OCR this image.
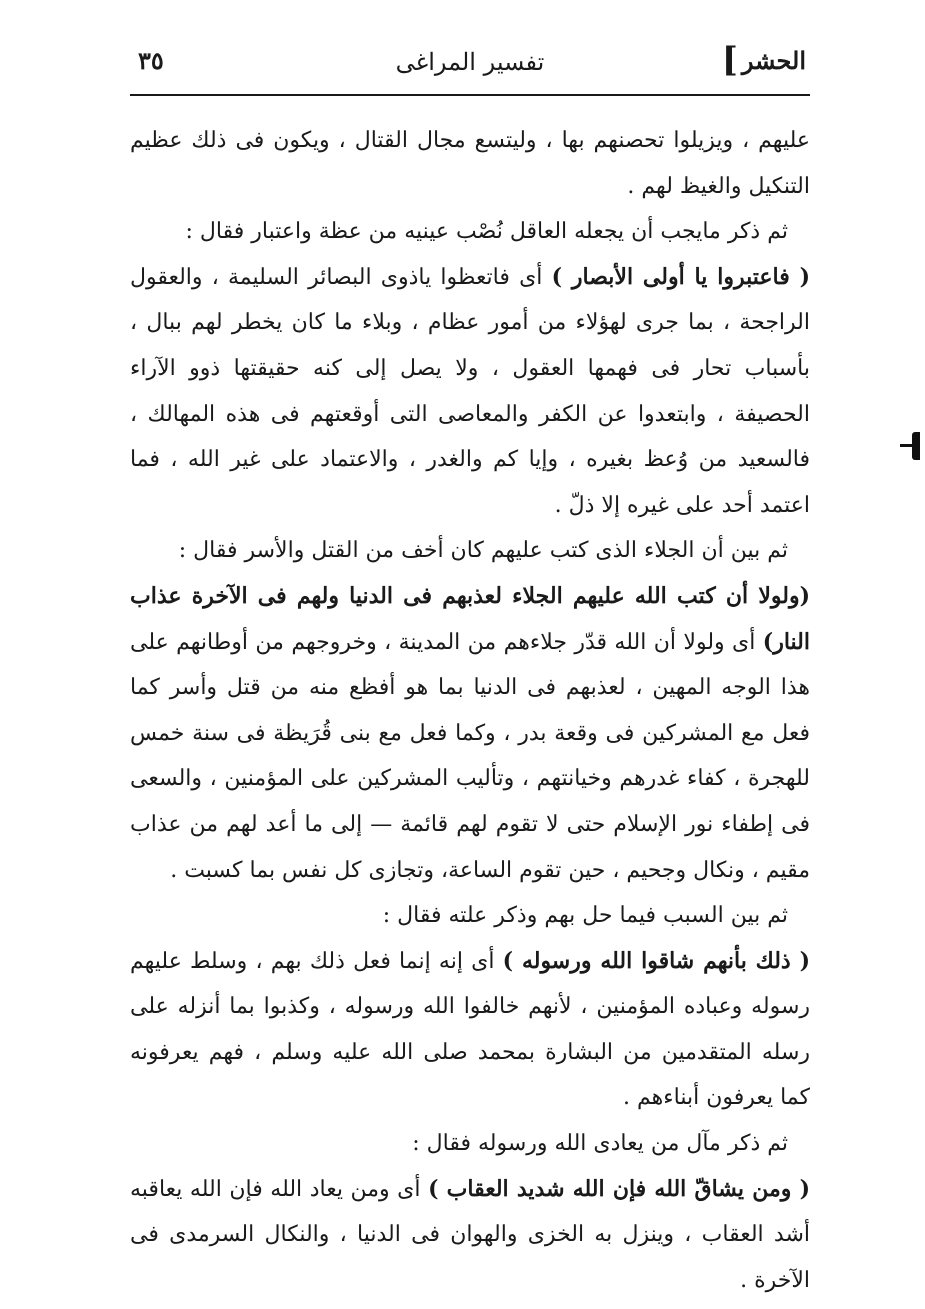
الحشر
]
تفسير المراغى
٣٥

عليهم ، ويزيلوا تحصنهم بها ، وليتسع مجال القتال ، ويكون فى ذلك عظيم التنكيل والغيظ لهم .

ثم ذكر مايجب أن يجعله العاقل نُصْب عينيه من عظة واعتبار فقال :

( فاعتبروا يا أولى الأبصار ) أى فاتعظوا ياذوى البصائر السليمة ، والعقول الراجحة ، بما جرى لهؤلاء من أمور عظام ، وبلاء ما كان يخطر لهم ببال ، بأسباب تحار فى فهمها العقول ، ولا يصل إلى كنه حقيقتها ذوو الآراء الحصيفة ، وابتعدوا عن الكفر والمعاصى التى أوقعتهم فى هذه المهالك ، فالسعيد من وُعظ بغيره ، وإيا كم والغدر ، والاعتماد على غير الله ، فما اعتمد أحد على غيره إلا ذلّ .

ثم بين أن الجلاء الذى كتب عليهم كان أخف من القتل والأسر فقال :

(ولولا أن كتب الله عليهم الجلاء لعذبهم فى الدنيا ولهم فى الآخرة عذاب النار) أى ولولا أن الله قدّر جلاءهم من المدينة ، وخروجهم من أوطانهم على هذا الوجه المهين ، لعذبهم فى الدنيا بما هو أفظع منه من قتل وأسر كما فعل مع المشركين فى وقعة بدر ، وكما فعل مع بنى قُرَيظة فى سنة خمس للهجرة ، كفاء غدرهم وخيانتهم ، وتأليب المشركين على المؤمنين ، والسعى فى إطفاء نور الإسلام حتى لا تقوم لهم قائمة — إلى ما أعد لهم من عذاب مقيم ، ونكال وجحيم ، حين تقوم الساعة، وتجازى كل نفس بما كسبت .

ثم بين السبب فيما حل بهم وذكر علته فقال :

( ذلك بأنهم شاقوا الله ورسوله ) أى إنه إنما فعل ذلك بهم ، وسلط عليهم رسوله وعباده المؤمنين ، لأنهم خالفوا الله ورسوله ، وكذبوا بما أنزله على رسله المتقدمين من البشارة بمحمد صلى الله عليه وسلم ، فهم يعرفونه كما يعرفون أبناءهم .

ثم ذكر مآل من يعادى الله ورسوله فقال :

( ومن يشاقّ الله فإن الله شديد العقاب ) أى ومن يعاد الله فإن الله يعاقبه أشد العقاب ، وينزل به الخزى والهوان فى الدنيا ، والنكال السرمدى فى الآخرة .
